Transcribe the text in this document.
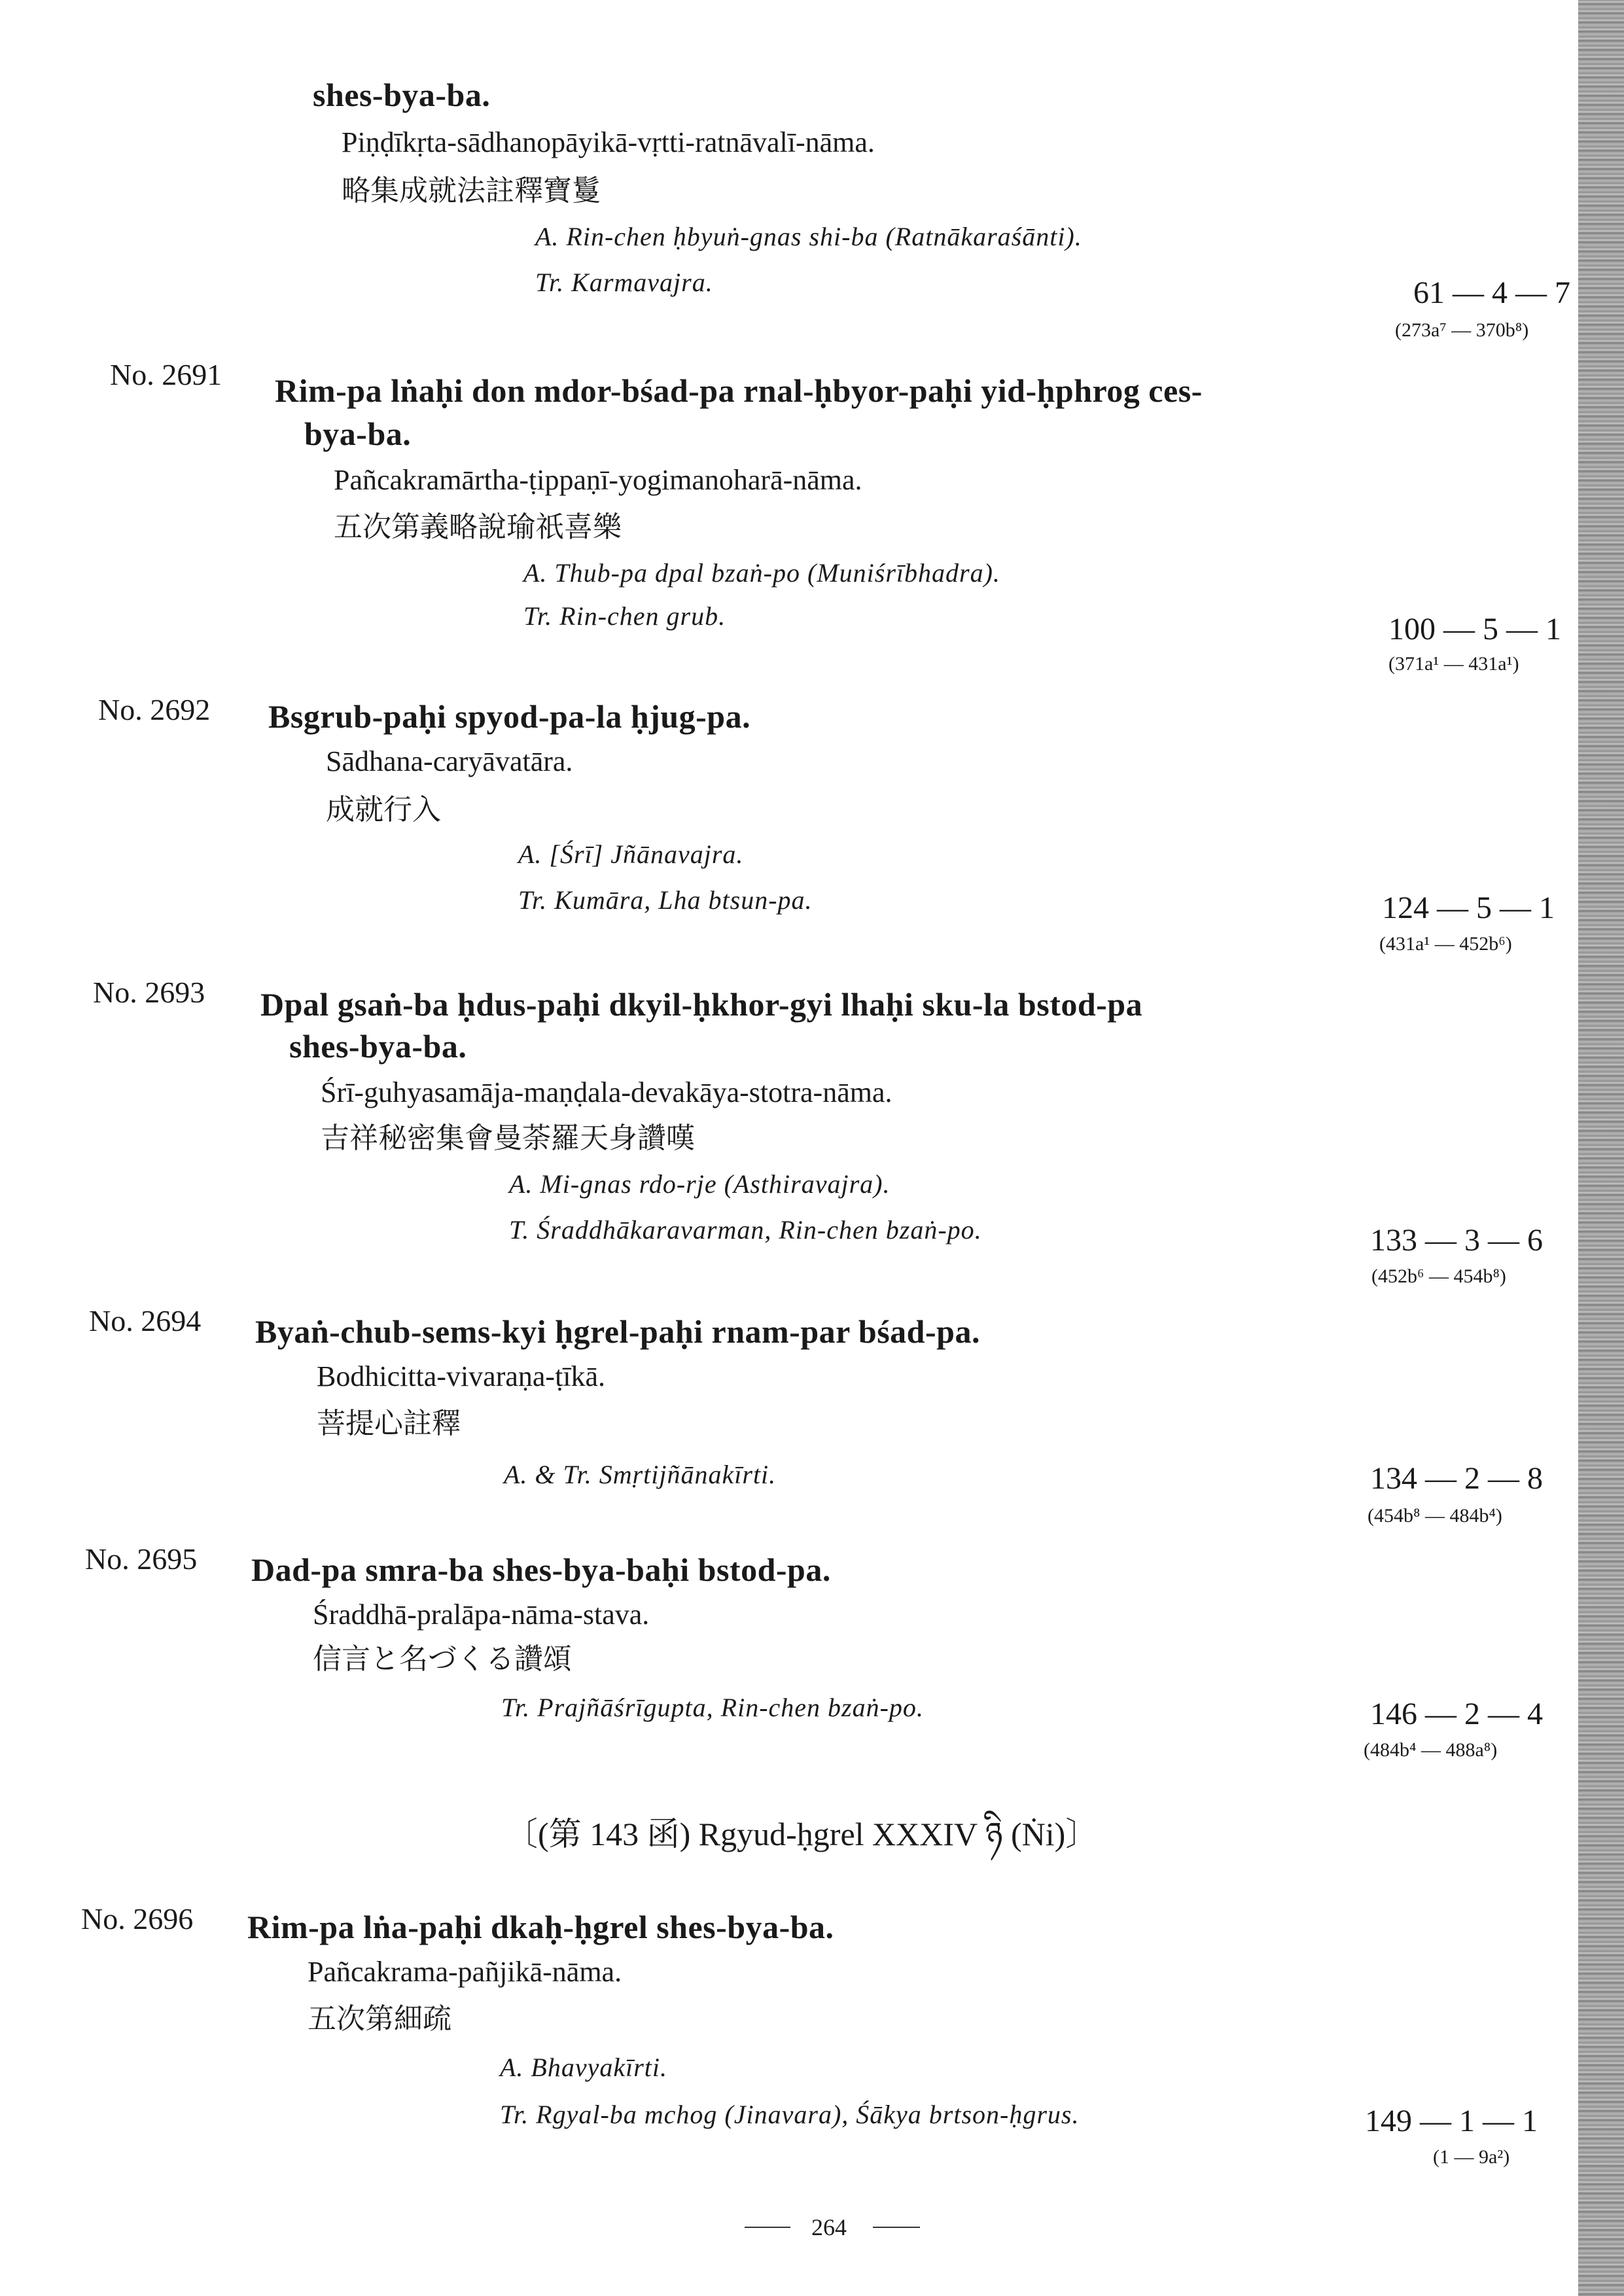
shes-bya-ba.
Piṇḍīkṛta-sādhanopāyikā-vṛtti-ratnāvalī-nāma.
略集成就法註釋寶鬘
A. Rin-chen ḥbyuṅ-gnas shi-ba (Ratnākaraśānti).
Tr. Karmavajra.	61 — 4 — 7
(273a⁷ — 370b⁸)
No. 2691 Rim-pa lṅaḥi don mdor-bśad-pa rnal-ḥbyor-paḥi yid-ḥphrog ces-
bya-ba.
Pañcakramārtha-ṭippaṇī-yogimanoharā-nāma.
五次第義略說瑜祇喜樂
A. Thub-pa dpal bzaṅ-po (Muniśrībhadra).
Tr. Rin-chen grub.	100 — 5 — 1
(371a¹ — 431a¹)
No. 2692 Bsgrub-paḥi spyod-pa-la ḥjug-pa.
Sādhana-caryāvatāra.
成就行入
A. [Śrī] Jñānavajra.
Tr. Kumāra, Lha btsun-pa.	124 — 5 — 1
(431a¹ — 452b⁶)
No. 2693 Dpal gsaṅ-ba ḥdus-paḥi dkyil-ḥkhor-gyi lhaḥi sku-la bstod-pa
shes-bya-ba.
Śrī-guhyasamāja-maṇḍala-devakāya-stotra-nāma.
吉祥秘密集會曼荼羅天身讚嘆
A. Mi-gnas rdo-rje (Asthiravajra).
T. Śraddhākaravarman, Rin-chen bzaṅ-po.	133 — 3 — 6
(452b⁶ — 454b⁸)
No. 2694 Byaṅ-chub-sems-kyi ḥgrel-paḥi rnam-par bśad-pa.
Bodhicitta-vivaraṇa-ṭīkā.
菩提心註釋
A. & Tr. Smṛtijñānakīrti.	134 — 2 — 8
(454b⁸ — 484b⁴)
No. 2695 Dad-pa smra-ba shes-bya-baḥi bstod-pa.
Śraddhā-pralāpa-nāma-stava.
信言と名づくる讚頌
Tr. Prajñāśrīgupta, Rin-chen bzaṅ-po.	146 — 2 — 4
(484b⁴ — 488a⁸)
〔(第 143 函) Rgyud-ḥgrel XXXIV ཉི (Ṅi)〕
No. 2696 Rim-pa lṅa-paḥi dkaḥ-ḥgrel shes-bya-ba.
Pañcakrama-pañjikā-nāma.
五次第細疏
A. Bhavyakīrti.
Tr. Rgyal-ba mchog (Jinavara), Śākya brtson-ḥgrus.	149 — 1 — 1
(1 — 9a²)
264
